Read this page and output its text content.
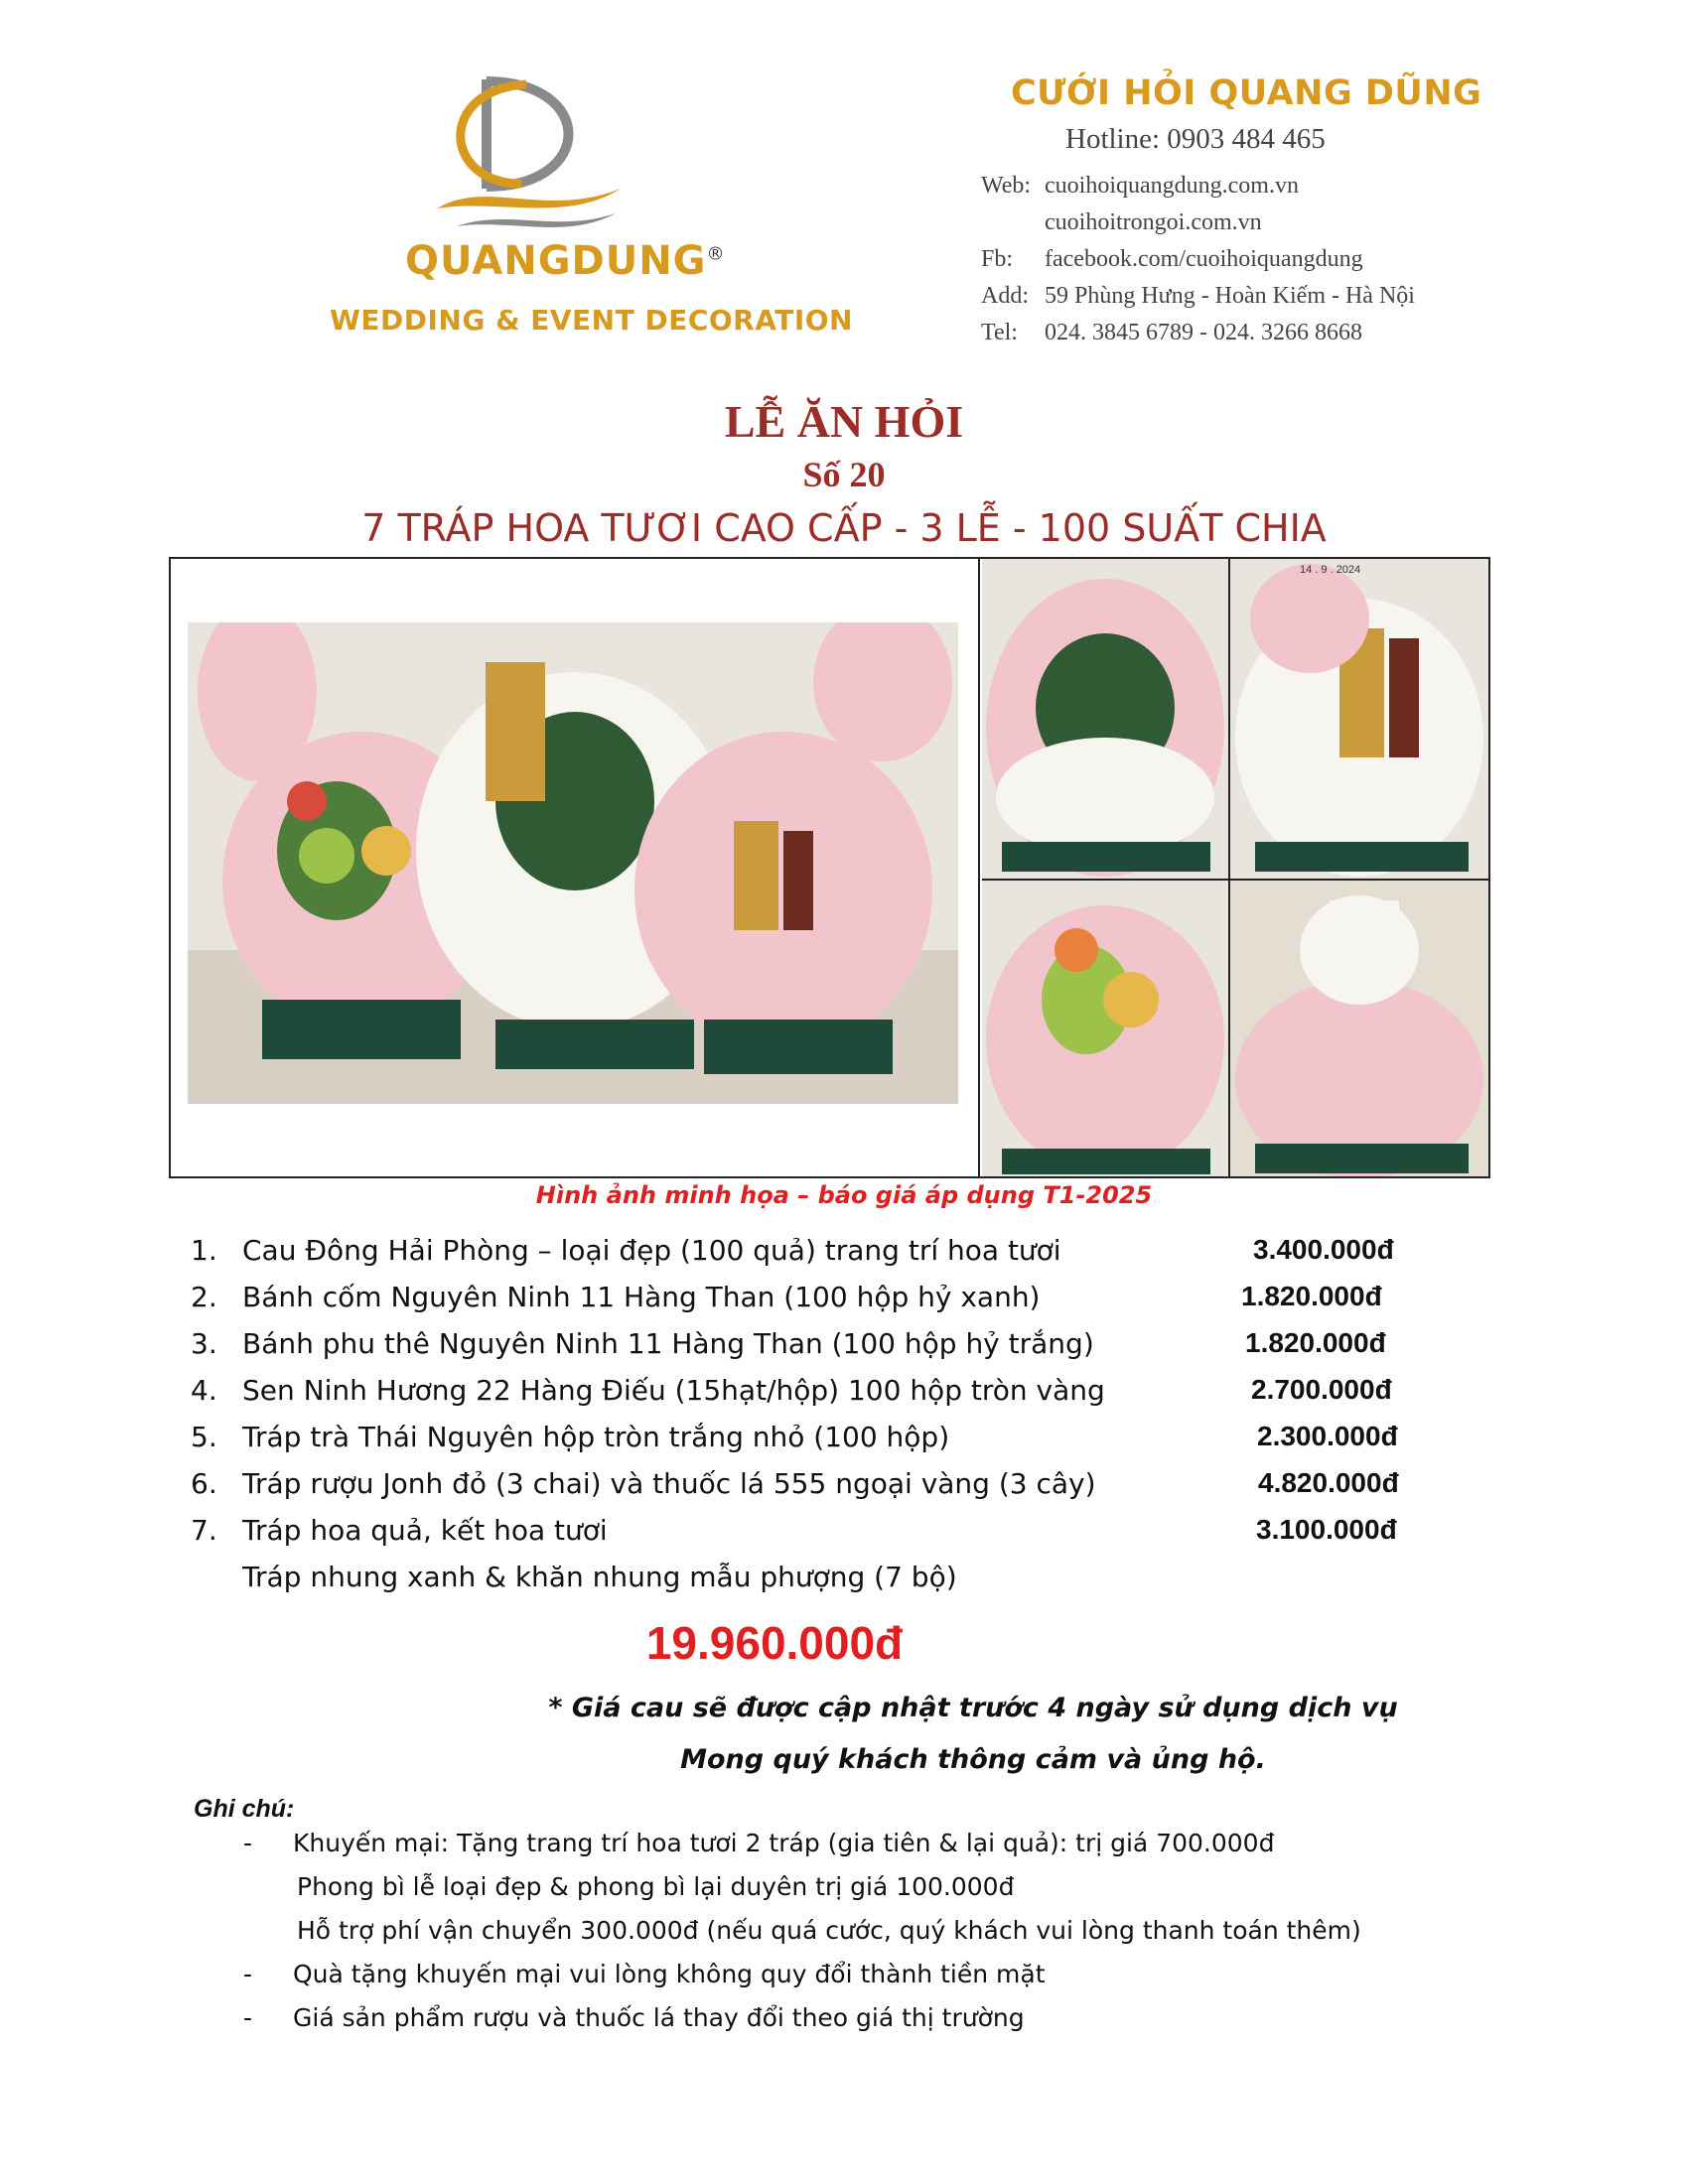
QUANGDUNG®
WEDDING & EVENT DECORATION
CƯỚI HỎI QUANG DŨNG
Hotline: 0903 484 465
Web: cuoihoiquangdung.com.vn
cuoihoitrongoi.com.vn
Fb:	facebook.com/cuoihoiquangdung
Add: 59 Phùng Hưng - Hoàn Kiếm - Hà Nội
Tel:	024. 3845 6789 - 024. 3266 8668
LỄ ĂN HỎI
Số 20
7 TRÁP HOA TƯƠI CAO CẤP - 3 LỄ - 100 SUẤT CHIA
14 . 9 . 2024
Hình ảnh minh họa – báo giá áp dụng T1-2025
1. Cau Đông Hải Phòng – loại đẹp (100 quả) trang trí hoa tươi	3.400.000đ
2. Bánh cốm Nguyên Ninh 11 Hàng Than (100 hộp hỷ xanh)	1.820.000đ
3. Bánh phu thê Nguyên Ninh 11 Hàng Than (100 hộp hỷ trắng)	1.820.000đ
4. Sen Ninh Hương 22 Hàng Điếu (15hạt/hộp) 100 hộp tròn vàng	2.700.000đ
5. Tráp trà Thái Nguyên hộp tròn trắng nhỏ (100 hộp)	2.300.000đ
6. Tráp rượu Jonh đỏ (3 chai) và thuốc lá 555 ngoại vàng (3 cây)	4.820.000đ
7. Tráp hoa quả, kết hoa tươi	3.100.000đ
Tráp nhung xanh & khăn nhung mẫu phượng (7 bộ)
19.960.000đ
* Giá cau sẽ được cập nhật trước 4 ngày sử dụng dịch vụ
Mong quý khách thông cảm và ủng hộ.
Ghi chú:
- Khuyến mại: Tặng trang trí hoa tươi 2 tráp (gia tiên & lại quả): trị giá 700.000đ
Phong bì lễ loại đẹp & phong bì lại duyên trị giá 100.000đ
Hỗ trợ phí vận chuyển 300.000đ (nếu quá cước, quý khách vui lòng thanh toán thêm)
- Quà tặng khuyến mại vui lòng không quy đổi thành tiền mặt
- Giá sản phẩm rượu và thuốc lá thay đổi theo giá thị trường
